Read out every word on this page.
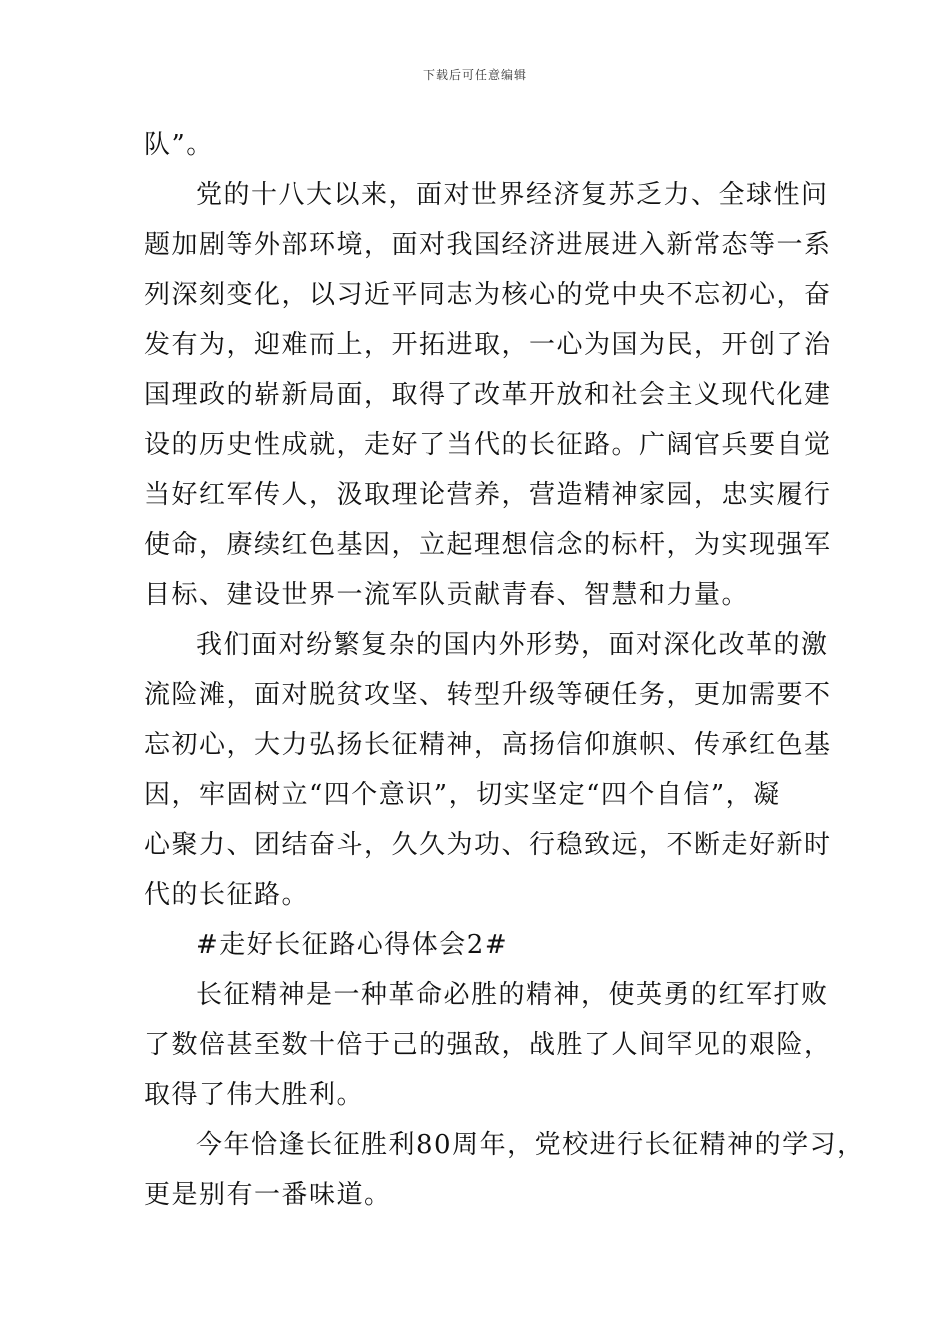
下载后可任意编辑
队”。
党的十八大以来，面对世界经济复苏乏力、全球性问
题加剧等外部环境，面对我国经济进展进入新常态等一系
列深刻变化，以习近平同志为核心的党中央不忘初心，奋
发有为，迎难而上，开拓进取，一心为国为民，开创了治
国理政的崭新局面，取得了改革开放和社会主义现代化建
设的历史性成就，走好了当代的长征路。广阔官兵要自觉
当好红军传人，汲取理论营养，营造精神家园，忠实履行
使命，赓续红色基因，立起理想信念的标杆，为实现强军
目标、建设世界一流军队贡献青春、智慧和力量。
我们面对纷繁复杂的国内外形势，面对深化改革的激
流险滩，面对脱贫攻坚、转型升级等硬任务，更加需要不
忘初心，大力弘扬长征精神，高扬信仰旗帜、传承红色基
因，牢固树立“四个意识”，切实坚定“四个自信”，凝
心聚力、团结奋斗，久久为功、行稳致远，不断走好新时
代的长征路。
#走好长征路心得体会2#
长征精神是一种革命必胜的精神，使英勇的红军打败
了数倍甚至数十倍于己的强敌，战胜了人间罕见的艰险，
取得了伟大胜利。
今年恰逢长征胜利80周年，党校进行长征精神的学习，
更是别有一番味道。
